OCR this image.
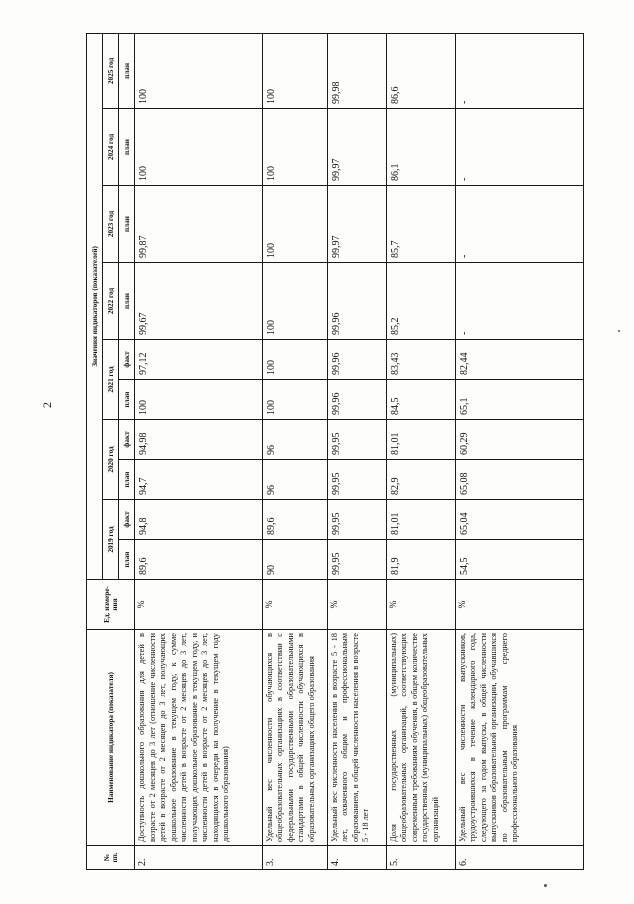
2
№ пп.	Наименование индикатора (показателя)	Ед. измере- ния	Значения индикаторов (показателей)									
			2019 год		2020 год		2021 год		2022 год	2023 год	2024 год	2025 год
			план	факт	план	факт	план	факт	план	план	план	план
2.	Доступность дошкольного образования для детей в возрасте от 2 месяцев до 3 лет (отношение численности детей в возрасте от 2 месяцев до 3 лет, получающих дошкольное образование в текущем году, к сумме численности детей в возрасте от 2 месяцев до 3 лет, получающих дошкольное образование в текущем году, и численности детей в возрасте от 2 месяцев до 3 лет, находящихся в очереди на получение в текущем году дошкольного образования)	%	89,6	94,8	94,7	94,98	100	97,12	99,67	99,87	100	100
3.	Удельный вес численности обучающихся в общеобразовательных организациях в соответствии с федеральными государственными образовательными стандартами в общей численности обучающихся в образовательных организациях общего образования	%	90	89,6	96	96	100	100	100	100	100	100
4.	Удельный вес численности населения в возрасте 5 - 18 лет, охваченного общим и профессиональным образованием, в общей численности населения в возрасте 5 - 18 лет	%	99,95	99,95	99,95	99,95	99,96	99,96	99,96	99,97	99,97	99,98
5.	Доля государственных (муниципальных) общеобразовательных организаций, соответствующих современным требованиям обучения, в общем количестве государственных (муниципальных) общеобразовательных организаций	%	81,9	81,01	82,9	81,01	84,5	83,43	85,2	85,7	86,1	86,6
6.	Удельный вес численности выпускников, трудоустроившихся в течение календарного года, следующего за годом выпуска, в общей численности выпускников образовательной организации, обучавшихся по образовательным программам среднего профессионального образования	%	54,5	65,04	65,08	60,29	65,1	82,44	-	-	-	-
